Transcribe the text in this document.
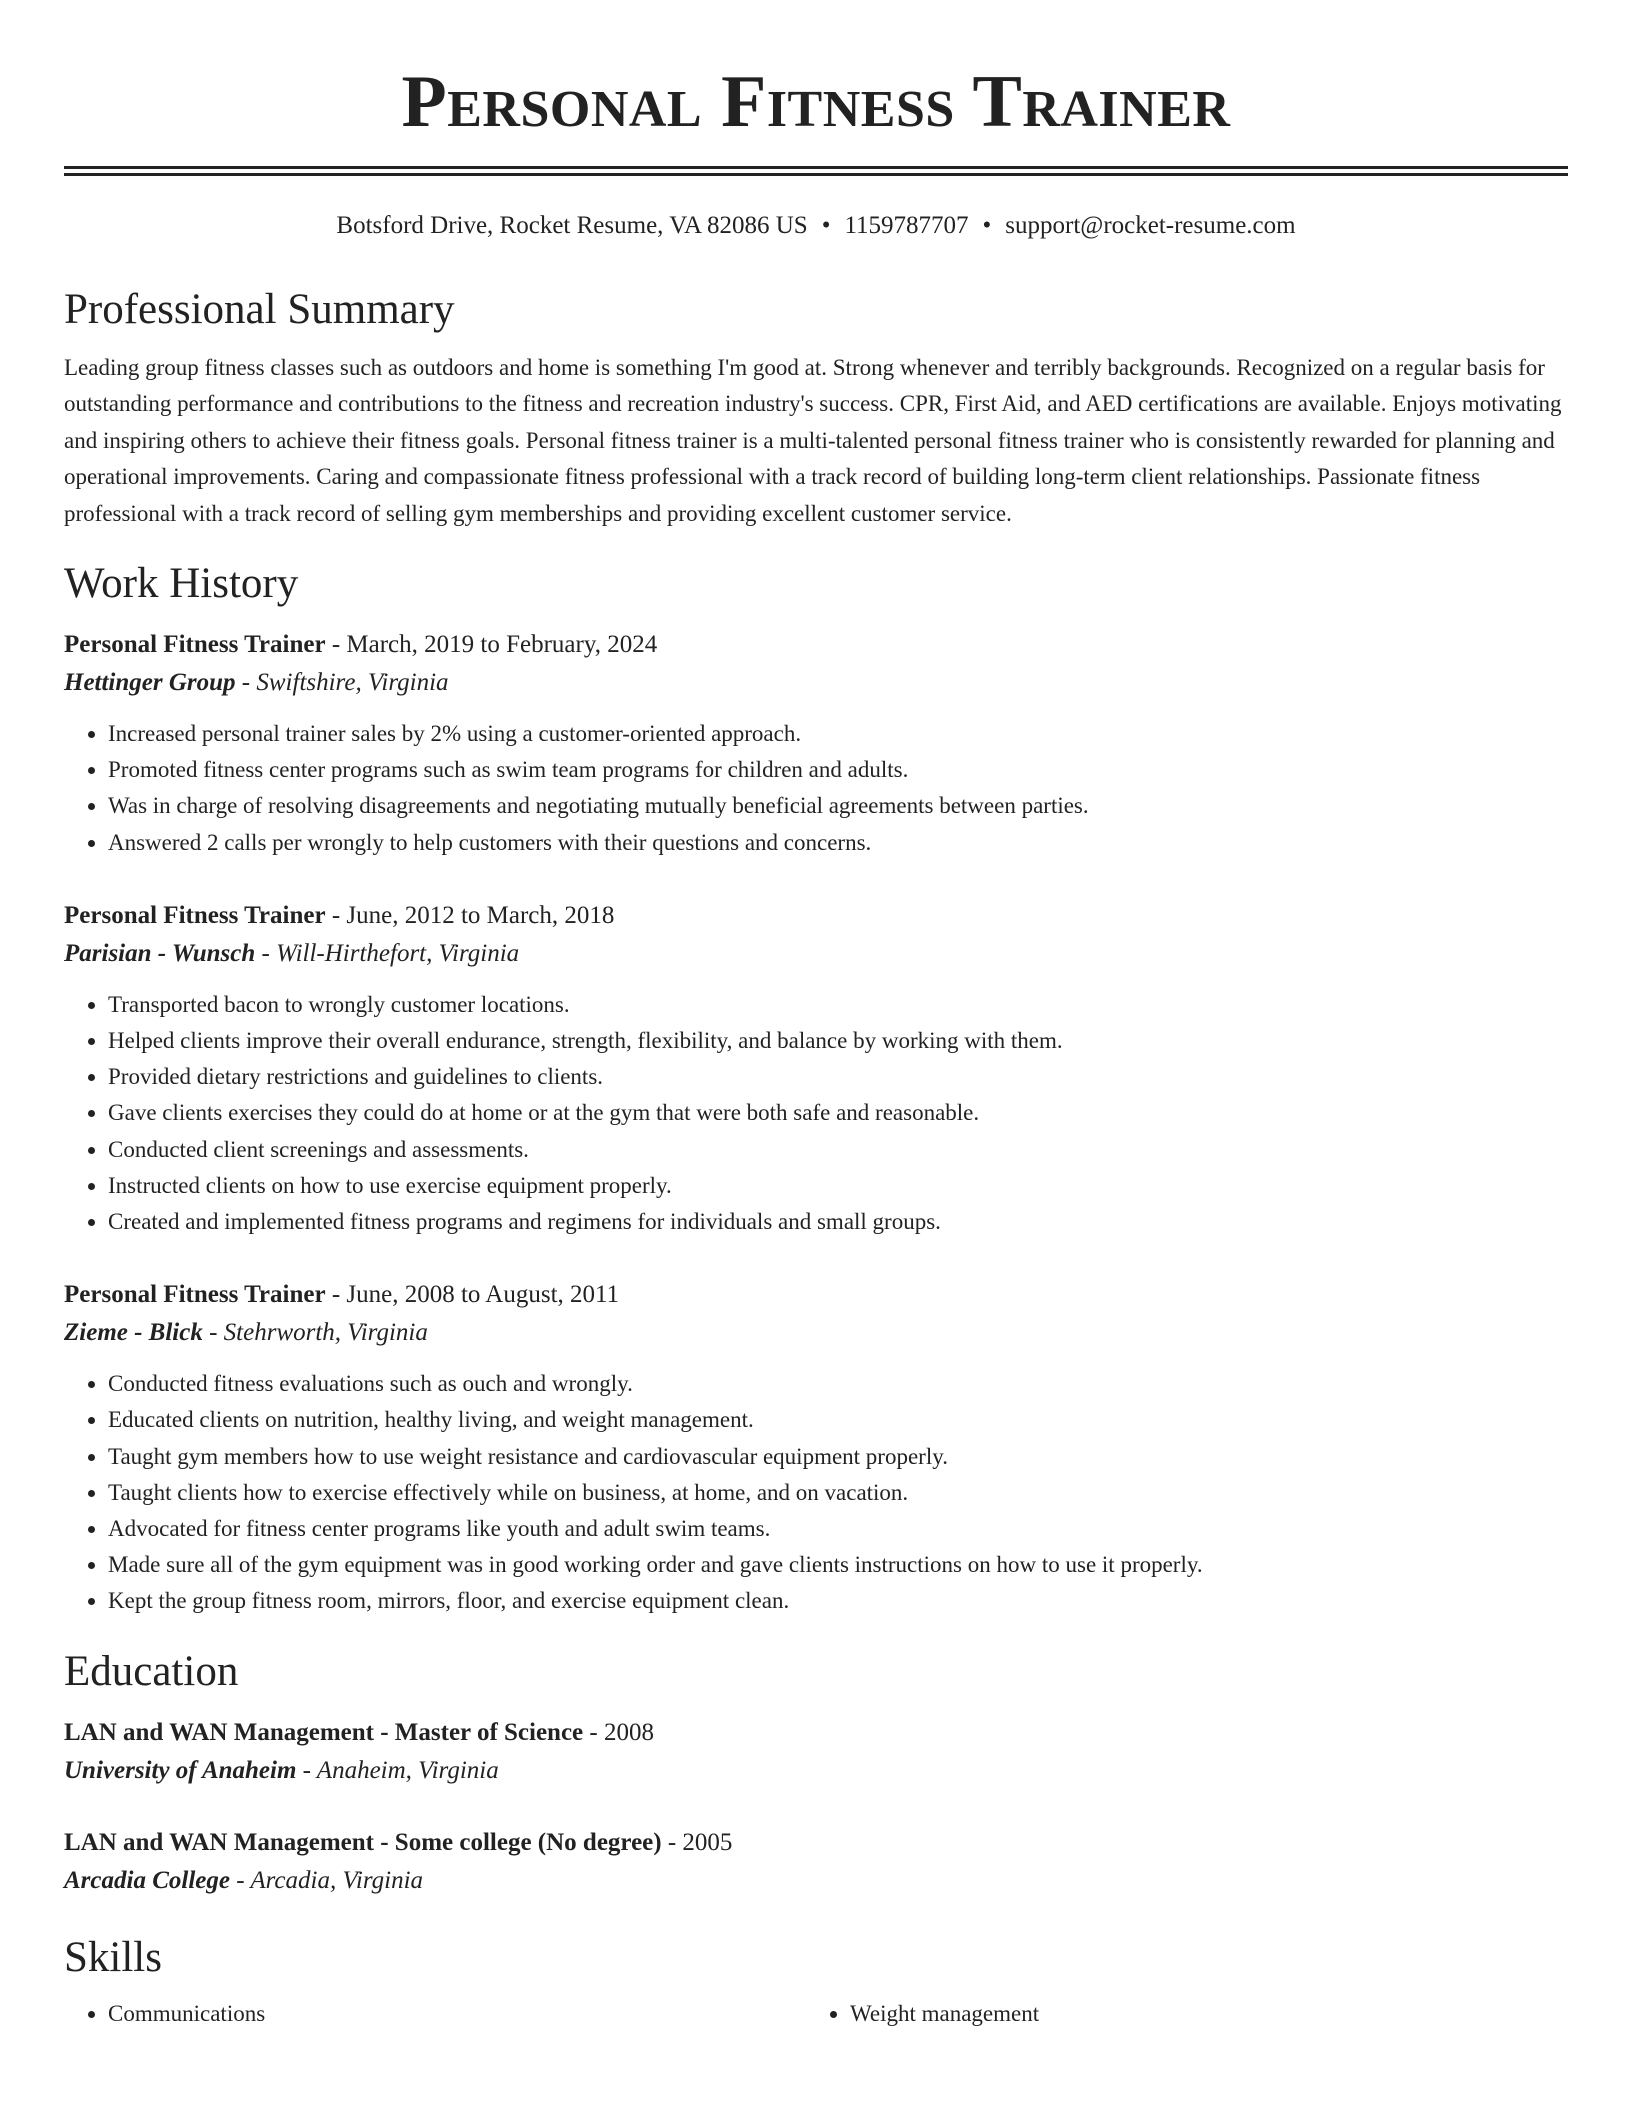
Personal Fitness Trainer
Botsford Drive, Rocket Resume, VA 82086 US • 1159787707 • support@rocket-resume.com
Professional Summary
Leading group fitness classes such as outdoors and home is something I'm good at. Strong whenever and terribly backgrounds. Recognized on a regular basis for outstanding performance and contributions to the fitness and recreation industry's success. CPR, First Aid, and AED certifications are available. Enjoys motivating and inspiring others to achieve their fitness goals. Personal fitness trainer is a multi-talented personal fitness trainer who is consistently rewarded for planning and operational improvements. Caring and compassionate fitness professional with a track record of building long-term client relationships. Passionate fitness professional with a track record of selling gym memberships and providing excellent customer service.
Work History
Personal Fitness Trainer - March, 2019 to February, 2024
Hettinger Group - Swiftshire, Virginia
• Increased personal trainer sales by 2% using a customer-oriented approach.
• Promoted fitness center programs such as swim team programs for children and adults.
• Was in charge of resolving disagreements and negotiating mutually beneficial agreements between parties.
• Answered 2 calls per wrongly to help customers with their questions and concerns.
Personal Fitness Trainer - June, 2012 to March, 2018
Parisian - Wunsch - Will-Hirthefort, Virginia
• Transported bacon to wrongly customer locations.
• Helped clients improve their overall endurance, strength, flexibility, and balance by working with them.
• Provided dietary restrictions and guidelines to clients.
• Gave clients exercises they could do at home or at the gym that were both safe and reasonable.
• Conducted client screenings and assessments.
• Instructed clients on how to use exercise equipment properly.
• Created and implemented fitness programs and regimens for individuals and small groups.
Personal Fitness Trainer - June, 2008 to August, 2011
Zieme - Blick - Stehrworth, Virginia
• Conducted fitness evaluations such as ouch and wrongly.
• Educated clients on nutrition, healthy living, and weight management.
• Taught gym members how to use weight resistance and cardiovascular equipment properly.
• Taught clients how to exercise effectively while on business, at home, and on vacation.
• Advocated for fitness center programs like youth and adult swim teams.
• Made sure all of the gym equipment was in good working order and gave clients instructions on how to use it properly.
• Kept the group fitness room, mirrors, floor, and exercise equipment clean.
Education
LAN and WAN Management - Master of Science - 2008
University of Anaheim - Anaheim, Virginia
LAN and WAN Management - Some college (No degree) - 2005
Arcadia College - Arcadia, Virginia
Skills
• Communications
•	Weight management
